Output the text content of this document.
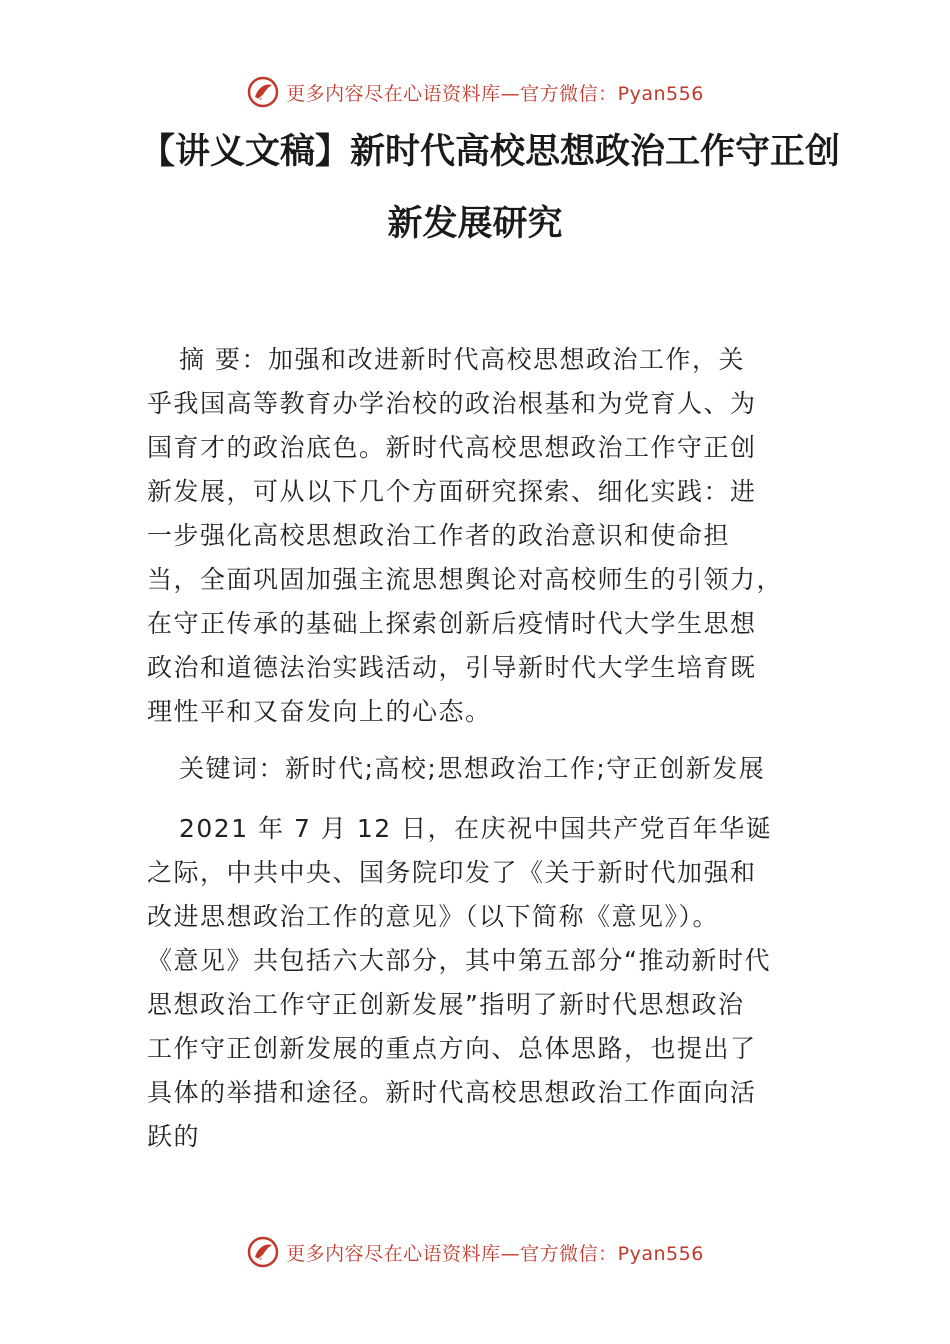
更多内容尽在心语资料库—官方微信：Pyan556
【讲义文稿】新时代高校思想政治工作守正创
新发展研究
摘 要：加强和改进新时代高校思想政治工作，关
乎我国高等教育办学治校的政治根基和为党育人、为
国育才的政治底色。新时代高校思想政治工作守正创
新发展，可从以下几个方面研究探索、细化实践：进
一步强化高校思想政治工作者的政治意识和使命担
当，全面巩固加强主流思想舆论对高校师生的引领力，
在守正传承的基础上探索创新后疫情时代大学生思想
政治和道德法治实践活动，引导新时代大学生培育既
理性平和又奋发向上的心态。
关键词：新时代;高校;思想政治工作;守正创新发展
2021 年 7 月 12 日，在庆祝中国共产党百年华诞
之际，中共中央、国务院印发了《关于新时代加强和
改进思想政治工作的意见》（以下简称《意见》）。
《意见》共包括六大部分，其中第五部分“推动新时代
思想政治工作守正创新发展”指明了新时代思想政治
工作守正创新发展的重点方向、总体思路，也提出了
具体的举措和途径。新时代高校思想政治工作面向活
跃的
更多内容尽在心语资料库—官方微信：Pyan556
